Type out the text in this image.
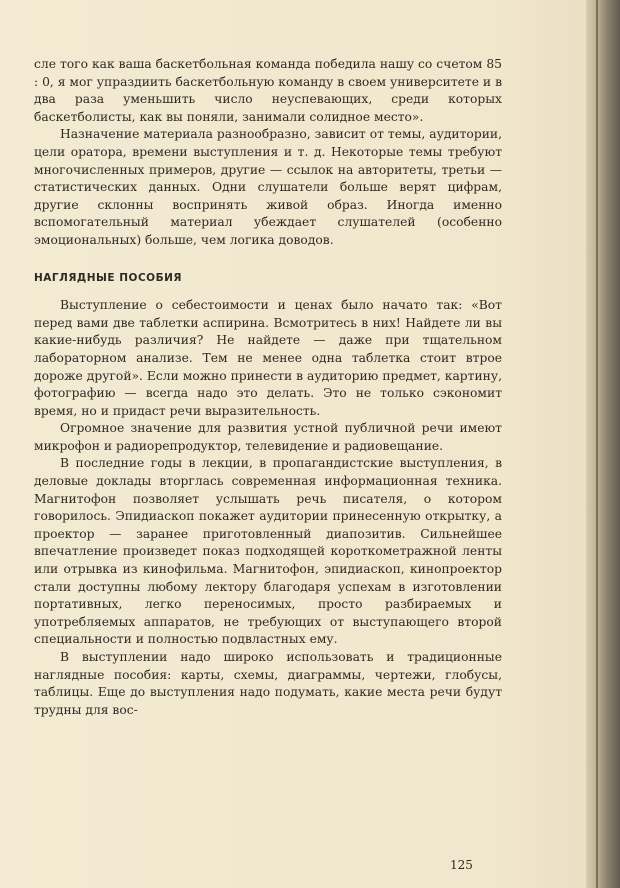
сле того как ваша баскетбольная команда победила нашу со счетом 85 : 0, я мог упраздиить баскетбольную команду в своем университете и в два раза уменьшить число неуспевающих, среди которых баскетболисты, как вы поняли, занимали солидное место».

Назначение материала разнообразно, зависит от темы, аудитории, цели оратора, времени выступления и т. д. Некоторые темы требуют многочисленных примеров, другие — ссылок на авторитеты, третьи — статистических данных. Одни слушатели больше верят цифрам, другие склонны воспринять живой образ. Иногда именно вспомогательный материал убеждает слушателей (особенно эмоциональных) больше, чем логика доводов.

НАГЛЯДНЫЕ ПОСОБИЯ

Выступление о себестоимости и ценах было начато так: «Вот перед вами две таблетки аспирина. Всмотритесь в них! Найдете ли вы какие-нибудь различия? Не найдете — даже при тщательном лабораторном анализе. Тем не менее одна таблетка стоит втрое дороже другой». Если можно принести в аудиторию предмет, картину, фотографию — всегда надо это делать. Это не только сэкономит время, но и придаст речи выразительность.

Огромное значение для развития устной публичной речи имеют микрофон и радиорепродуктор, телевидение и радиовещание.

В последние годы в лекции, в пропагандистские выступления, в деловые доклады вторглась современная информационная техника. Магнитофон позволяет услышать речь писателя, о котором говорилось. Эпидиаскоп покажет аудитории принесенную открытку, а проектор — заранее приготовленный диапозитив. Сильнейшее впечатление произведет показ подходящей короткометражной ленты или отрывка из кинофильма. Магнитофон, эпидиаскоп, кинопроектор стали доступны любому лектору благодаря успехам в изготовлении портативных, легко переносимых, просто разбираемых и употребляемых аппаратов, не требующих от выступающего второй специальности и полностью подвластных ему.

В выступлении надо широко использовать и традиционные наглядные пособия: карты, схемы, диаграммы, чертежи, глобусы, таблицы. Еще до выступления надо подумать, какие места речи будут трудны для вос-

125
